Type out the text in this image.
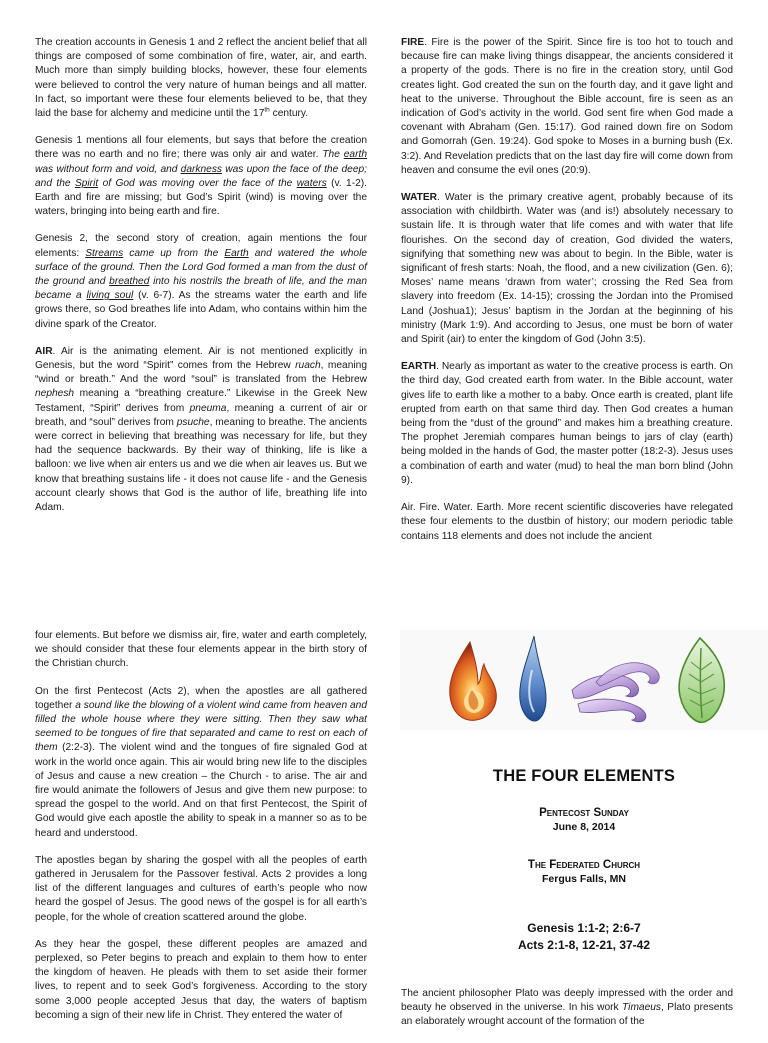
The creation accounts in Genesis 1 and 2 reflect the ancient belief that all things are composed of some combination of fire, water, air, and earth. Much more than simply building blocks, however, these four elements were believed to control the very nature of human beings and all matter. In fact, so important were these four elements believed to be, that they laid the base for alchemy and medicine until the 17th century.

Genesis 1 mentions all four elements, but says that before the creation there was no earth and no fire; there was only air and water. The earth was without form and void, and darkness was upon the face of the deep; and the Spirit of God was moving over the face of the waters (v. 1-2). Earth and fire are missing; but God’s Spirit (wind) is moving over the waters, bringing into being earth and fire.

Genesis 2, the second story of creation, again mentions the four elements: Streams came up from the Earth and watered the whole surface of the ground. Then the Lord God formed a man from the dust of the ground and breathed into his nostrils the breath of life, and the man became a living soul (v. 6-7). As the streams water the earth and life grows there, so God breathes life into Adam, who contains within him the divine spark of the Creator.

AIR. Air is the animating element. Air is not mentioned explicitly in Genesis, but the word “Spirit” comes from the Hebrew ruach, meaning “wind or breath.” And the word “soul” is translated from the Hebrew nephesh meaning a “breathing creature.” Likewise in the Greek New Testament, “Spirit” derives from pneuma, meaning a current of air or breath, and “soul” derives from psuche, meaning to breathe. The ancients were correct in believing that breathing was necessary for life, but they had the sequence backwards. By their way of thinking, life is like a balloon: we live when air enters us and we die when air leaves us. But we know that breathing sustains life - it does not cause life - and the Genesis account clearly shows that God is the author of life, breathing life into Adam.

FIRE. Fire is the power of the Spirit. Since fire is too hot to touch and because fire can make living things disappear, the ancients considered it a property of the gods. There is no fire in the creation story, until God creates light. God created the sun on the fourth day, and it gave light and heat to the universe. Throughout the Bible account, fire is seen as an indication of God’s activity in the world. God sent fire when God made a covenant with Abraham (Gen. 15:17). God rained down fire on Sodom and Gomorrah (Gen. 19:24). God spoke to Moses in a burning bush (Ex. 3:2). And Revelation predicts that on the last day fire will come down from heaven and consume the evil ones (20:9).

WATER. Water is the primary creative agent, probably because of its association with childbirth. Water was (and is!) absolutely necessary to sustain life. It is through water that life comes and with water that life flourishes. On the second day of creation, God divided the waters, signifying that something new was about to begin. In the Bible, water is significant of fresh starts: Noah, the flood, and a new civilization (Gen. 6); Moses’ name means ‘drawn from water’; crossing the Red Sea from slavery into freedom (Ex. 14-15); crossing the Jordan into the Promised Land (Joshua1); Jesus’ baptism in the Jordan at the beginning of his ministry (Mark 1:9). And according to Jesus, one must be born of water and Spirit (air) to enter the kingdom of God (John 3:5).

EARTH. Nearly as important as water to the creative process is earth. On the third day, God created earth from water. In the Bible account, water gives life to earth like a mother to a baby. Once earth is created, plant life erupted from earth on that same third day. Then God creates a human being from the “dust of the ground” and makes him a breathing creature. The prophet Jeremiah compares human beings to jars of clay (earth) being molded in the hands of God, the master potter (18:2-3). Jesus uses a combination of earth and water (mud) to heal the man born blind (John 9).

Air. Fire. Water. Earth. More recent scientific discoveries have relegated these four elements to the dustbin of history; our modern periodic table contains 118 elements and does not include the ancient

four elements. But before we dismiss air, fire, water and earth completely, we should consider that these four elements appear in the birth story of the Christian church.

On the first Pentecost (Acts 2), when the apostles are all gathered together a sound like the blowing of a violent wind came from heaven and filled the whole house where they were sitting. Then they saw what seemed to be tongues of fire that separated and came to rest on each of them (2:2-3). The violent wind and the tongues of fire signaled God at work in the world once again. This air would bring new life to the disciples of Jesus and cause a new creation – the Church - to arise. The air and fire would animate the followers of Jesus and give them new purpose: to spread the gospel to the world. And on that first Pentecost, the Spirit of God would give each apostle the ability to speak in a manner so as to be heard and understood.

The apostles began by sharing the gospel with all the peoples of earth gathered in Jerusalem for the Passover festival. Acts 2 provides a long list of the different languages and cultures of earth’s people who now heard the gospel of Jesus. The good news of the gospel is for all earth’s people, for the whole of creation scattered around the globe.

As they hear the gospel, these different peoples are amazed and perplexed, so Peter begins to preach and explain to them how to enter the kingdom of heaven. He pleads with them to set aside their former lives, to repent and to seek God’s forgiveness. According to the story some 3,000 people accepted Jesus that day, the waters of baptism becoming a sign of their new life in Christ. They entered the water of

THE FOUR ELEMENTS
Pentecost Sunday
June 8, 2014
The Federated Church
Fergus Falls, MN
Genesis 1:1-2; 2:6-7
Acts 2:1-8, 12-21, 37-42

The ancient philosopher Plato was deeply impressed with the order and beauty he observed in the universe. In his work Timaeus, Plato presents an elaborately wrought account of the formation of the
